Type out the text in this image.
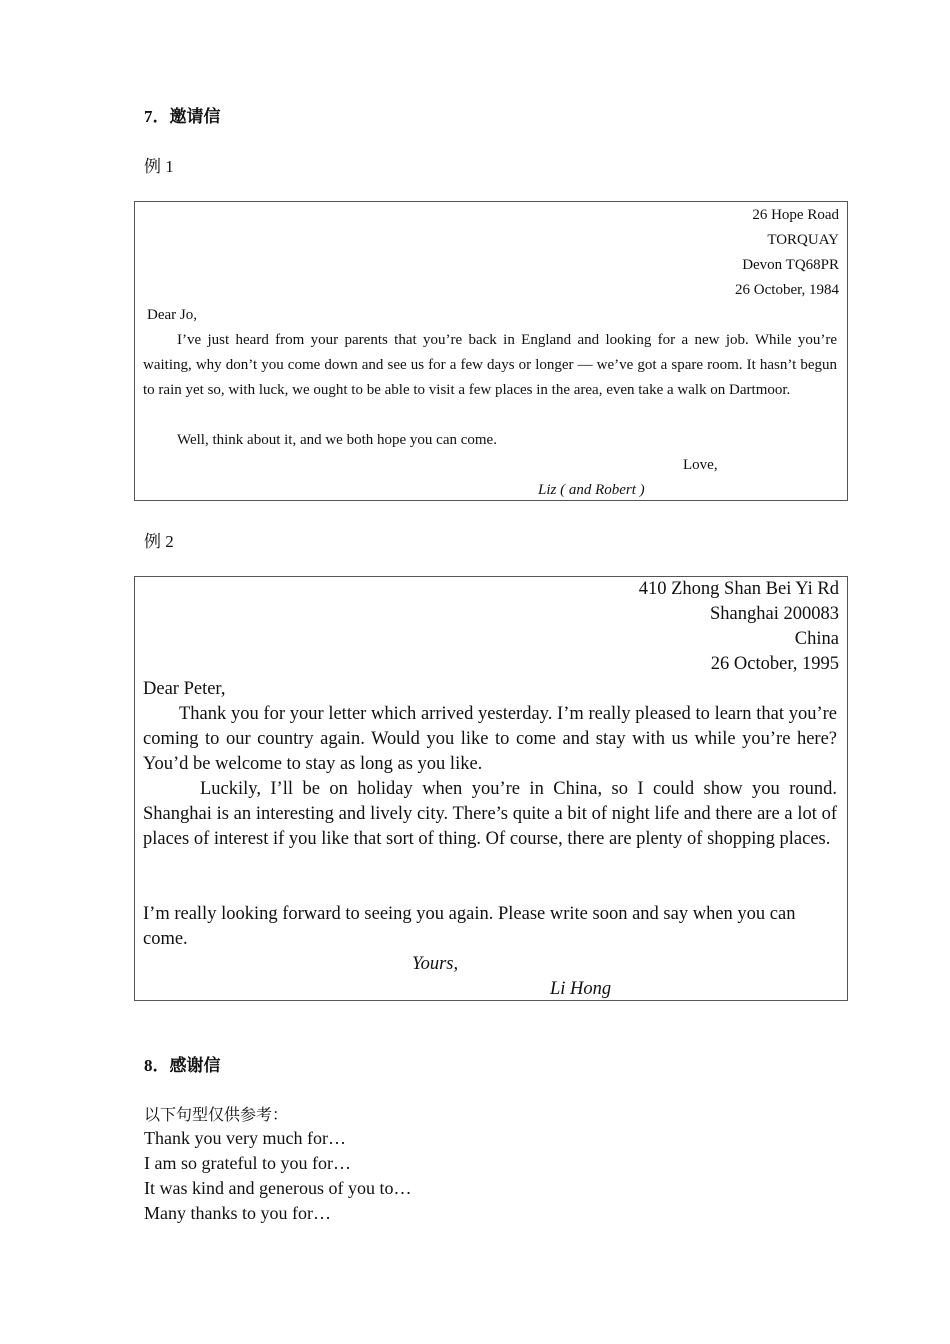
7．邀请信
例 1
26 Hope Road
TORQUAY
Devon TQ68PR
26 October, 1984
Dear Jo,
I’ve just heard from your parents that you’re back in England and looking for a new job. While you’re waiting, why don’t you come down and see us for a few days or longer — we’ve got a spare room. It hasn’t begun to rain yet so, with luck, we ought to be able to visit a few places in the area, even take a walk on Dartmoor.
Well, think about it, and we both hope you can come.
Love,
Liz ( and Robert )
例 2
410 Zhong Shan Bei Yi Rd
Shanghai 200083
China
26 October, 1995
Dear Peter,
Thank you for your letter which arrived yesterday. I’m really pleased to learn that you’re coming to our country again. Would you like to come and stay with us while you’re here? You’d be welcome to stay as long as you like.
Luckily, I’ll be on holiday when you’re in China, so I could show you round. Shanghai is an interesting and lively city. There’s quite a bit of night life and there are a lot of places of interest if you like that sort of thing. Of course, there are plenty of shopping places.
I’m really looking forward to seeing you again. Please write soon and say when you can come.
Yours,
Li Hong
8．感谢信
以下句型仅供参考：
Thank you very much for…
I am so grateful to you for…
It was kind and generous of you to…
Many thanks to you for…
